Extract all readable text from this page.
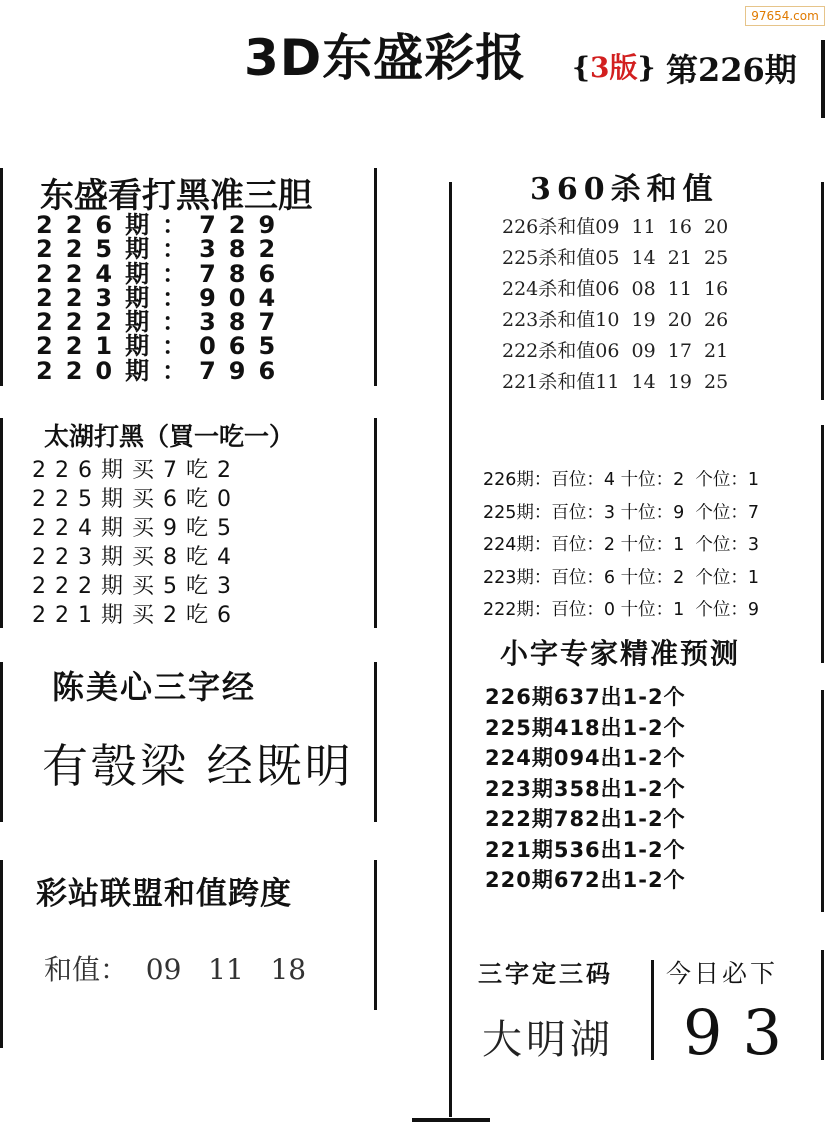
97654.com
3D东盛彩报 {3版} 第226期
东盛看打黑准三胆
226期：729
225期：382
224期：786
223期：904
222期：387
221期：065
220期：796
360杀和值
226杀和值09  11  16  20
225杀和值05  14  21  25
224杀和值06  08  11  16
223杀和值10  19  20  26
222杀和值06  09  17  21
221杀和值11  14  19  25
太湖打黑（買一吃一）
226期买7吃2
225期买6吃0
224期买9吃5
223期买8吃4
222期买5吃3
221期买2吃6
226期：百位：4 十位：2  个位：1
225期：百位：3 十位：9  个位：7
224期：百位：2 十位：1  个位：3
223期：百位：6 十位：2  个位：1
222期：百位：0 十位：1  个位：9
小字专家精准预测
陈美心三字经
有彀梁 经既明
226期637出1-2个
225期418出1-2个
224期094出1-2个
223期358出1-2个
222期782出1-2个
221期536出1-2个
220期672出1-2个
彩站联盟和值跨度
和值：  09   11   18	三字定三码
大明湖
今日必下
93
